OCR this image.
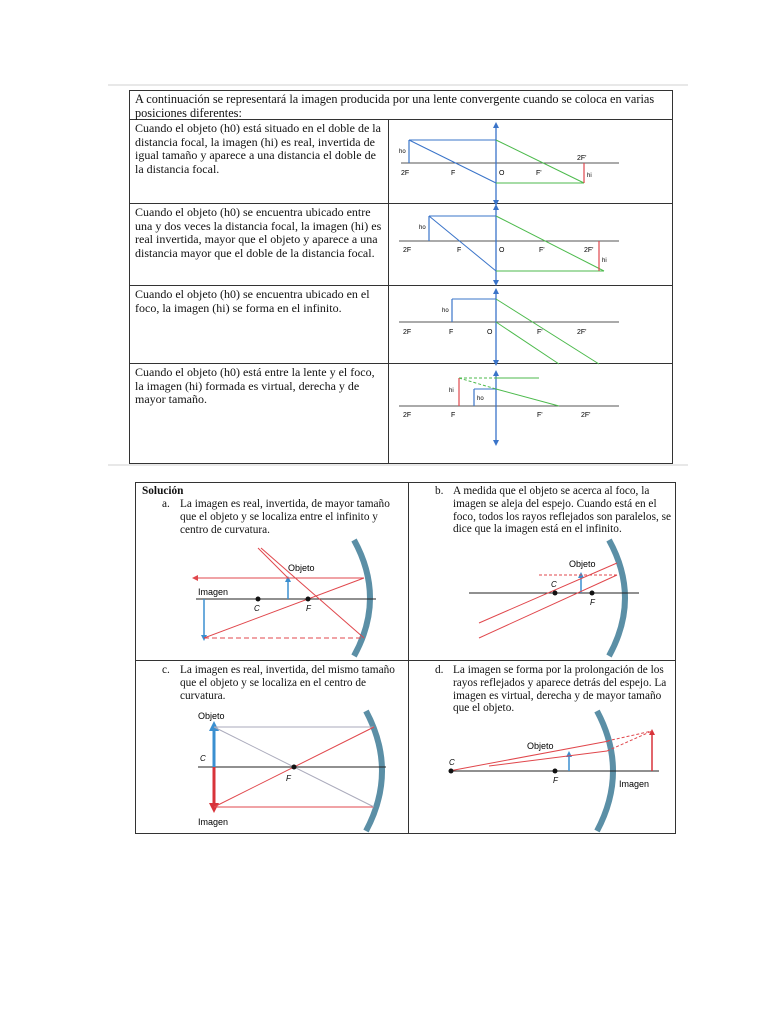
A continuación se representará la imagen producida por una lente convergente cuando se coloca en varias posiciones diferentes:
Cuando el objeto (h0) está situado en el doble de la distancia focal, la imagen (hi) es real, invertida de igual tamaño y aparece a una distancia el doble de la distancia focal.	2F	F	O	F'
2F'
ho
hi
Cuando el objeto (h0) se encuentra ubicado entre una y dos veces la distancia focal, la imagen (hi) es real invertida, mayor que el objeto y aparece a una distancia mayor que el doble de la distancia focal.	2F	F	O	F'	2F'
ho
hi
Cuando el objeto (h0) se encuentra ubicado en el foco, la imagen (hi) se forma en el infinito.
2F	F	O	F'	2F'
ho
Cuando el objeto (h0) está entre la lente y el foco, la imagen (hi) formada es virtual, derecha y de mayor tamaño.
2F	F	F'	2F'
hi
ho
Solución
a. La imagen es real, invertida, de mayor tamaño que el objeto y se localiza entre el infinito y centro de curvatura.
Objeto
Imagen
C	F
b. A medida que el objeto se acerca al foco, la imagen se aleja del espejo. Cuando está en el foco, todos los rayos reflejados son paralelos, se dice que la imagen está en el infinito.
Objeto
C
F
c. La imagen es real, invertida, del mismo tamaño que el objeto y se localiza en el centro de curvatura.
Objeto
Imagen
C
F
d. La imagen se forma por la prolongación de los rayos reflejados y aparece detrás del espejo. La imagen es virtual, derecha y de mayor tamaño que el objeto.
Objeto
Imagen
C
F
